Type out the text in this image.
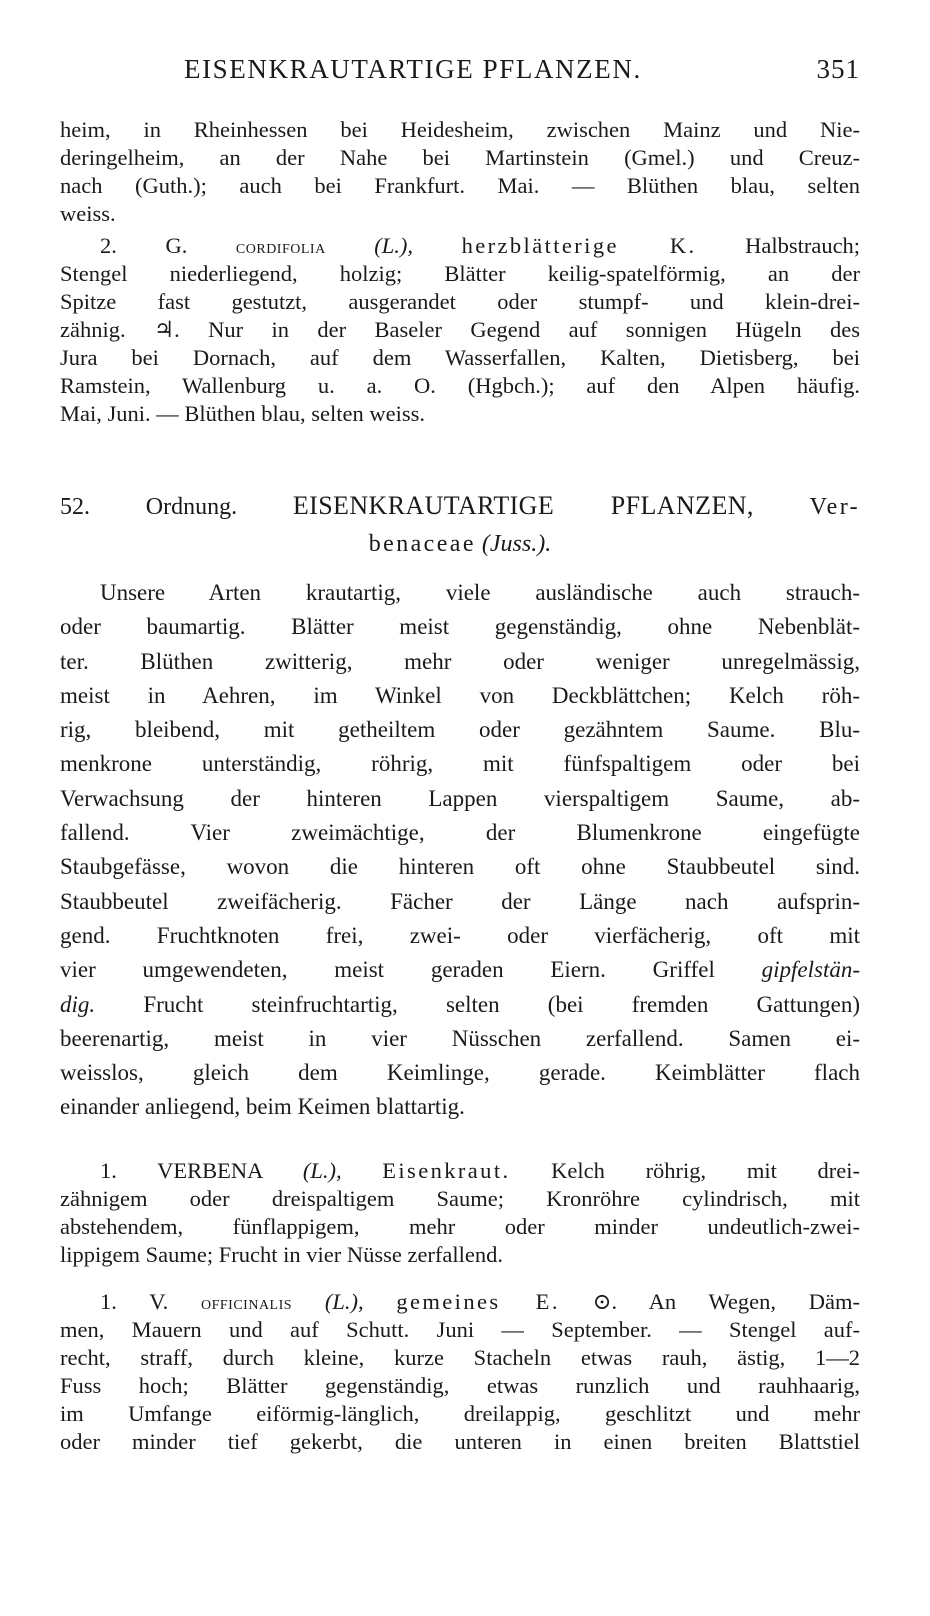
EISENKRAUTARTIGE PFLANZEN.	351
heim, in Rheinhessen bei Heidesheim, zwischen Mainz und Nie-
deringelheim, an der Nahe bei Martinstein (Gmel.) und Creuz-
nach (Guth.); auch bei Frankfurt. Mai. — Blüthen blau, selten
weiss.
2. G. cordifolia (L.), herzblätterige K. Halbstrauch;
Stengel niederliegend, holzig; Blätter keilig-spatelförmig, an der
Spitze fast gestutzt, ausgerandet oder stumpf- und klein-drei-
zähnig. ♃. Nur in der Baseler Gegend auf sonnigen Hügeln des
Jura bei Dornach, auf dem Wasserfallen, Kalten, Dietisberg, bei
Ramstein, Wallenburg u. a. O. (Hgbch.); auf den Alpen häufig.
Mai, Juni. — Blüthen blau, selten weiss.
52. Ordnung. EISENKRAUTARTIGE PFLANZEN, Ver-
benaceae (Juss.).
Unsere Arten krautartig, viele ausländische auch strauch-
oder baumartig. Blätter meist gegenständig, ohne Nebenblät-
ter. Blüthen zwitterig, mehr oder weniger unregelmässig,
meist in Aehren, im Winkel von Deckblättchen; Kelch röh-
rig, bleibend, mit getheiltem oder gezähntem Saume. Blu-
menkrone unterständig, röhrig, mit fünfspaltigem oder bei
Verwachsung der hinteren Lappen vierspaltigem Saume, ab-
fallend. Vier zweimächtige, der Blumenkrone eingefügte
Staubgefässe, wovon die hinteren oft ohne Staubbeutel sind.
Staubbeutel zweifächerig. Fächer der Länge nach aufsprin-
gend. Fruchtknoten frei, zwei- oder vierfächerig, oft mit
vier umgewendeten, meist geraden Eiern. Griffel gipfelstän-
dig. Frucht steinfruchtartig, selten (bei fremden Gattungen)
beerenartig, meist in vier Nüsschen zerfallend. Samen ei-
weisslos, gleich dem Keimlinge, gerade. Keimblätter flach
einander anliegend, beim Keimen blattartig.
1. VERBENA (L.), Eisenkraut. Kelch röhrig, mit drei-
zähnigem oder dreispaltigem Saume; Kronröhre cylindrisch, mit
abstehendem, fünflappigem, mehr oder minder undeutlich-zwei-
lippigem Saume; Frucht in vier Nüsse zerfallend.
1. V. officinalis (L.), gemeines E. ⊙. An Wegen, Däm-
men, Mauern und auf Schutt. Juni — September. — Stengel auf-
recht, straff, durch kleine, kurze Stacheln etwas rauh, ästig, 1—2
Fuss hoch; Blätter gegenständig, etwas runzlich und rauhhaarig,
im Umfange eiförmig-länglich, dreilappig, geschlitzt und mehr
oder minder tief gekerbt, die unteren in einen breiten Blattstiel
